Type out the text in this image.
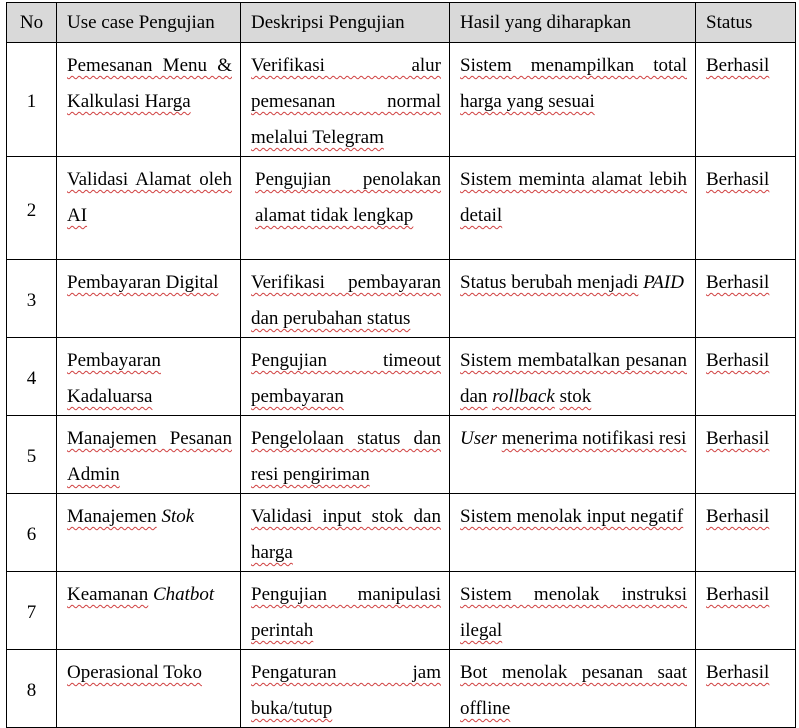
No	Use case Pengujian	Deskripsi Pengujian	Hasil yang diharapkan	Status
1	Pemesanan Menu & Kalkulasi Harga	Verifikasi alur pemesanan normal melalui Telegram	Sistem menampilkan total harga yang sesuai	Berhasil
2	Validasi Alamat oleh AI	Pengujian penolakan alamat tidak lengkap	Sistem meminta alamat lebih detail	Berhasil
3	Pembayaran Digital	Verifikasi pembayaran dan perubahan status	Status berubah menjadi PAID	Berhasil
4	Pembayaran Kadaluarsa	Pengujian timeout pembayaran	Sistem membatalkan pesanan dan rollback stok	Berhasil
5	Manajemen Pesanan Admin	Pengelolaan status dan resi pengiriman	User menerima notifikasi resi	Berhasil
6	Manajemen Stok	Validasi input stok dan harga	Sistem menolak input negatif	Berhasil
7	Keamanan Chatbot	Pengujian manipulasi perintah	Sistem menolak instruksi ilegal	Berhasil
8	Operasional Toko	Pengaturan jam buka/tutup	Bot menolak pesanan saat offline	Berhasil
